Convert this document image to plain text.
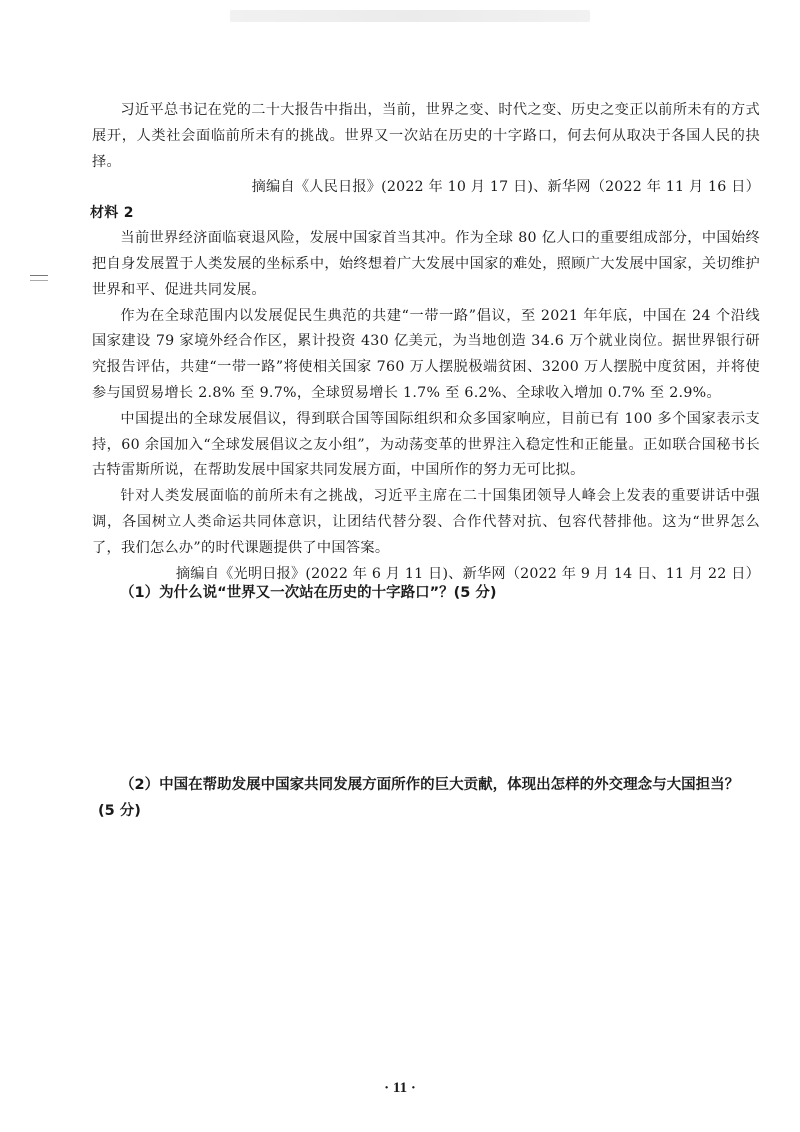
习近平总书记在党的二十大报告中指出，当前，世界之变、时代之变、历史之变正以前所未有的方式展开，人类社会面临前所未有的挑战。世界又一次站在历史的十字路口，何去何从取决于各国人民的抉择。

摘编自《人民日报》(2022 年 10 月 17 日)、新华网（2022 年 11 月 16 日）

材料 2

当前世界经济面临衰退风险，发展中国家首当其冲。作为全球 80 亿人口的重要组成部分，中国始终把自身发展置于人类发展的坐标系中，始终想着广大发展中国家的难处，照顾广大发展中国家，关切维护世界和平、促进共同发展。

作为在全球范围内以发展促民生典范的共建“一带一路”倡议，至 2021 年年底，中国在 24 个沿线国家建设 79 家境外经合作区，累计投资 430 亿美元，为当地创造 34.6 万个就业岗位。据世界银行研究报告评估，共建“一带一路”将使相关国家 760 万人摆脱极端贫困、3200 万人摆脱中度贫困，并将使参与国贸易增长 2.8% 至 9.7%，全球贸易增长 1.7% 至 6.2%、全球收入增加 0.7% 至 2.9%。

中国提出的全球发展倡议，得到联合国等国际组织和众多国家响应，目前已有 100 多个国家表示支持，60 余国加入“全球发展倡议之友小组”，为动荡变革的世界注入稳定性和正能量。正如联合国秘书长古特雷斯所说，在帮助发展中国家共同发展方面，中国所作的努力无可比拟。

针对人类发展面临的前所未有之挑战，习近平主席在二十国集团领导人峰会上发表的重要讲话中强调，各国树立人类命运共同体意识，让团结代替分裂、合作代替对抗、包容代替排他。这为“世界怎么了，我们怎么办”的时代课题提供了中国答案。

摘编自《光明日报》(2022 年 6 月 11 日)、新华网（2022 年 9 月 14 日、11 月 22 日）

（1）为什么说“世界又一次站在历史的十字路口”？(5 分)
（2）中国在帮助发展中国家共同发展方面所作的巨大贡献，体现出怎样的外交理念与大国担当？
(5 分)
· 11 ·
